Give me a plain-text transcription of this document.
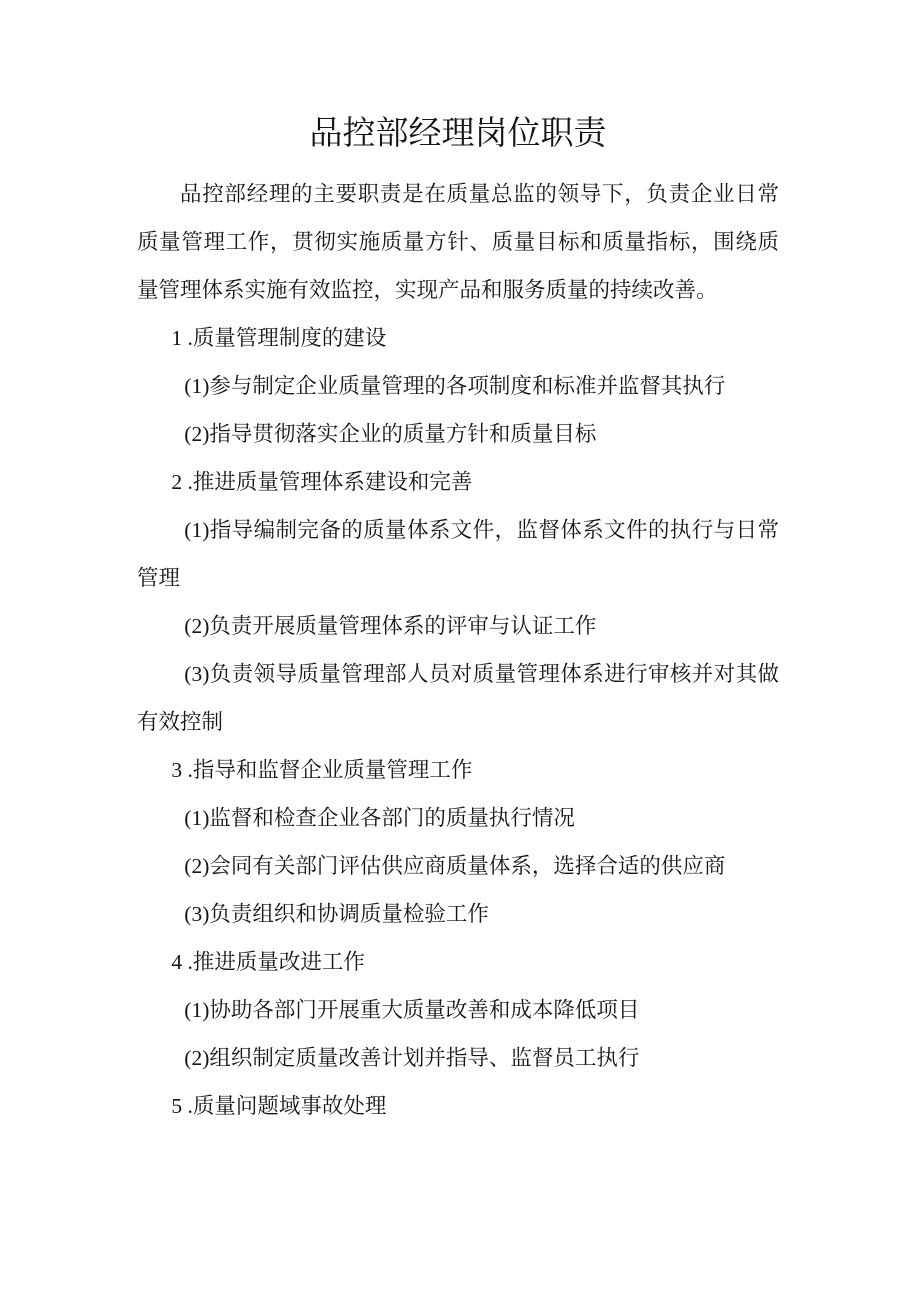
品控部经理岗位职责

品控部经理的主要职责是在质量总监的领导下，负责企业日常质量管理工作，贯彻实施质量方针、质量目标和质量指标，围绕质量管理体系实施有效监控，实现产品和服务质量的持续改善。

1 .质量管理制度的建设

(1)参与制定企业质量管理的各项制度和标准并监督其执行

(2)指导贯彻落实企业的质量方针和质量目标

2 .推进质量管理体系建设和完善

(1)指导编制完备的质量体系文件，监督体系文件的执行与日常管理

(2)负责开展质量管理体系的评审与认证工作

(3)负责领导质量管理部人员对质量管理体系进行审核并对其做有效控制

3 .指导和监督企业质量管理工作

(1)监督和检查企业各部门的质量执行情况

(2)会同有关部门评估供应商质量体系，选择合适的供应商

(3)负责组织和协调质量检验工作

4 .推进质量改进工作

(1)协助各部门开展重大质量改善和成本降低项目

(2)组织制定质量改善计划并指导、监督员工执行

5 .质量问题域事故处理
